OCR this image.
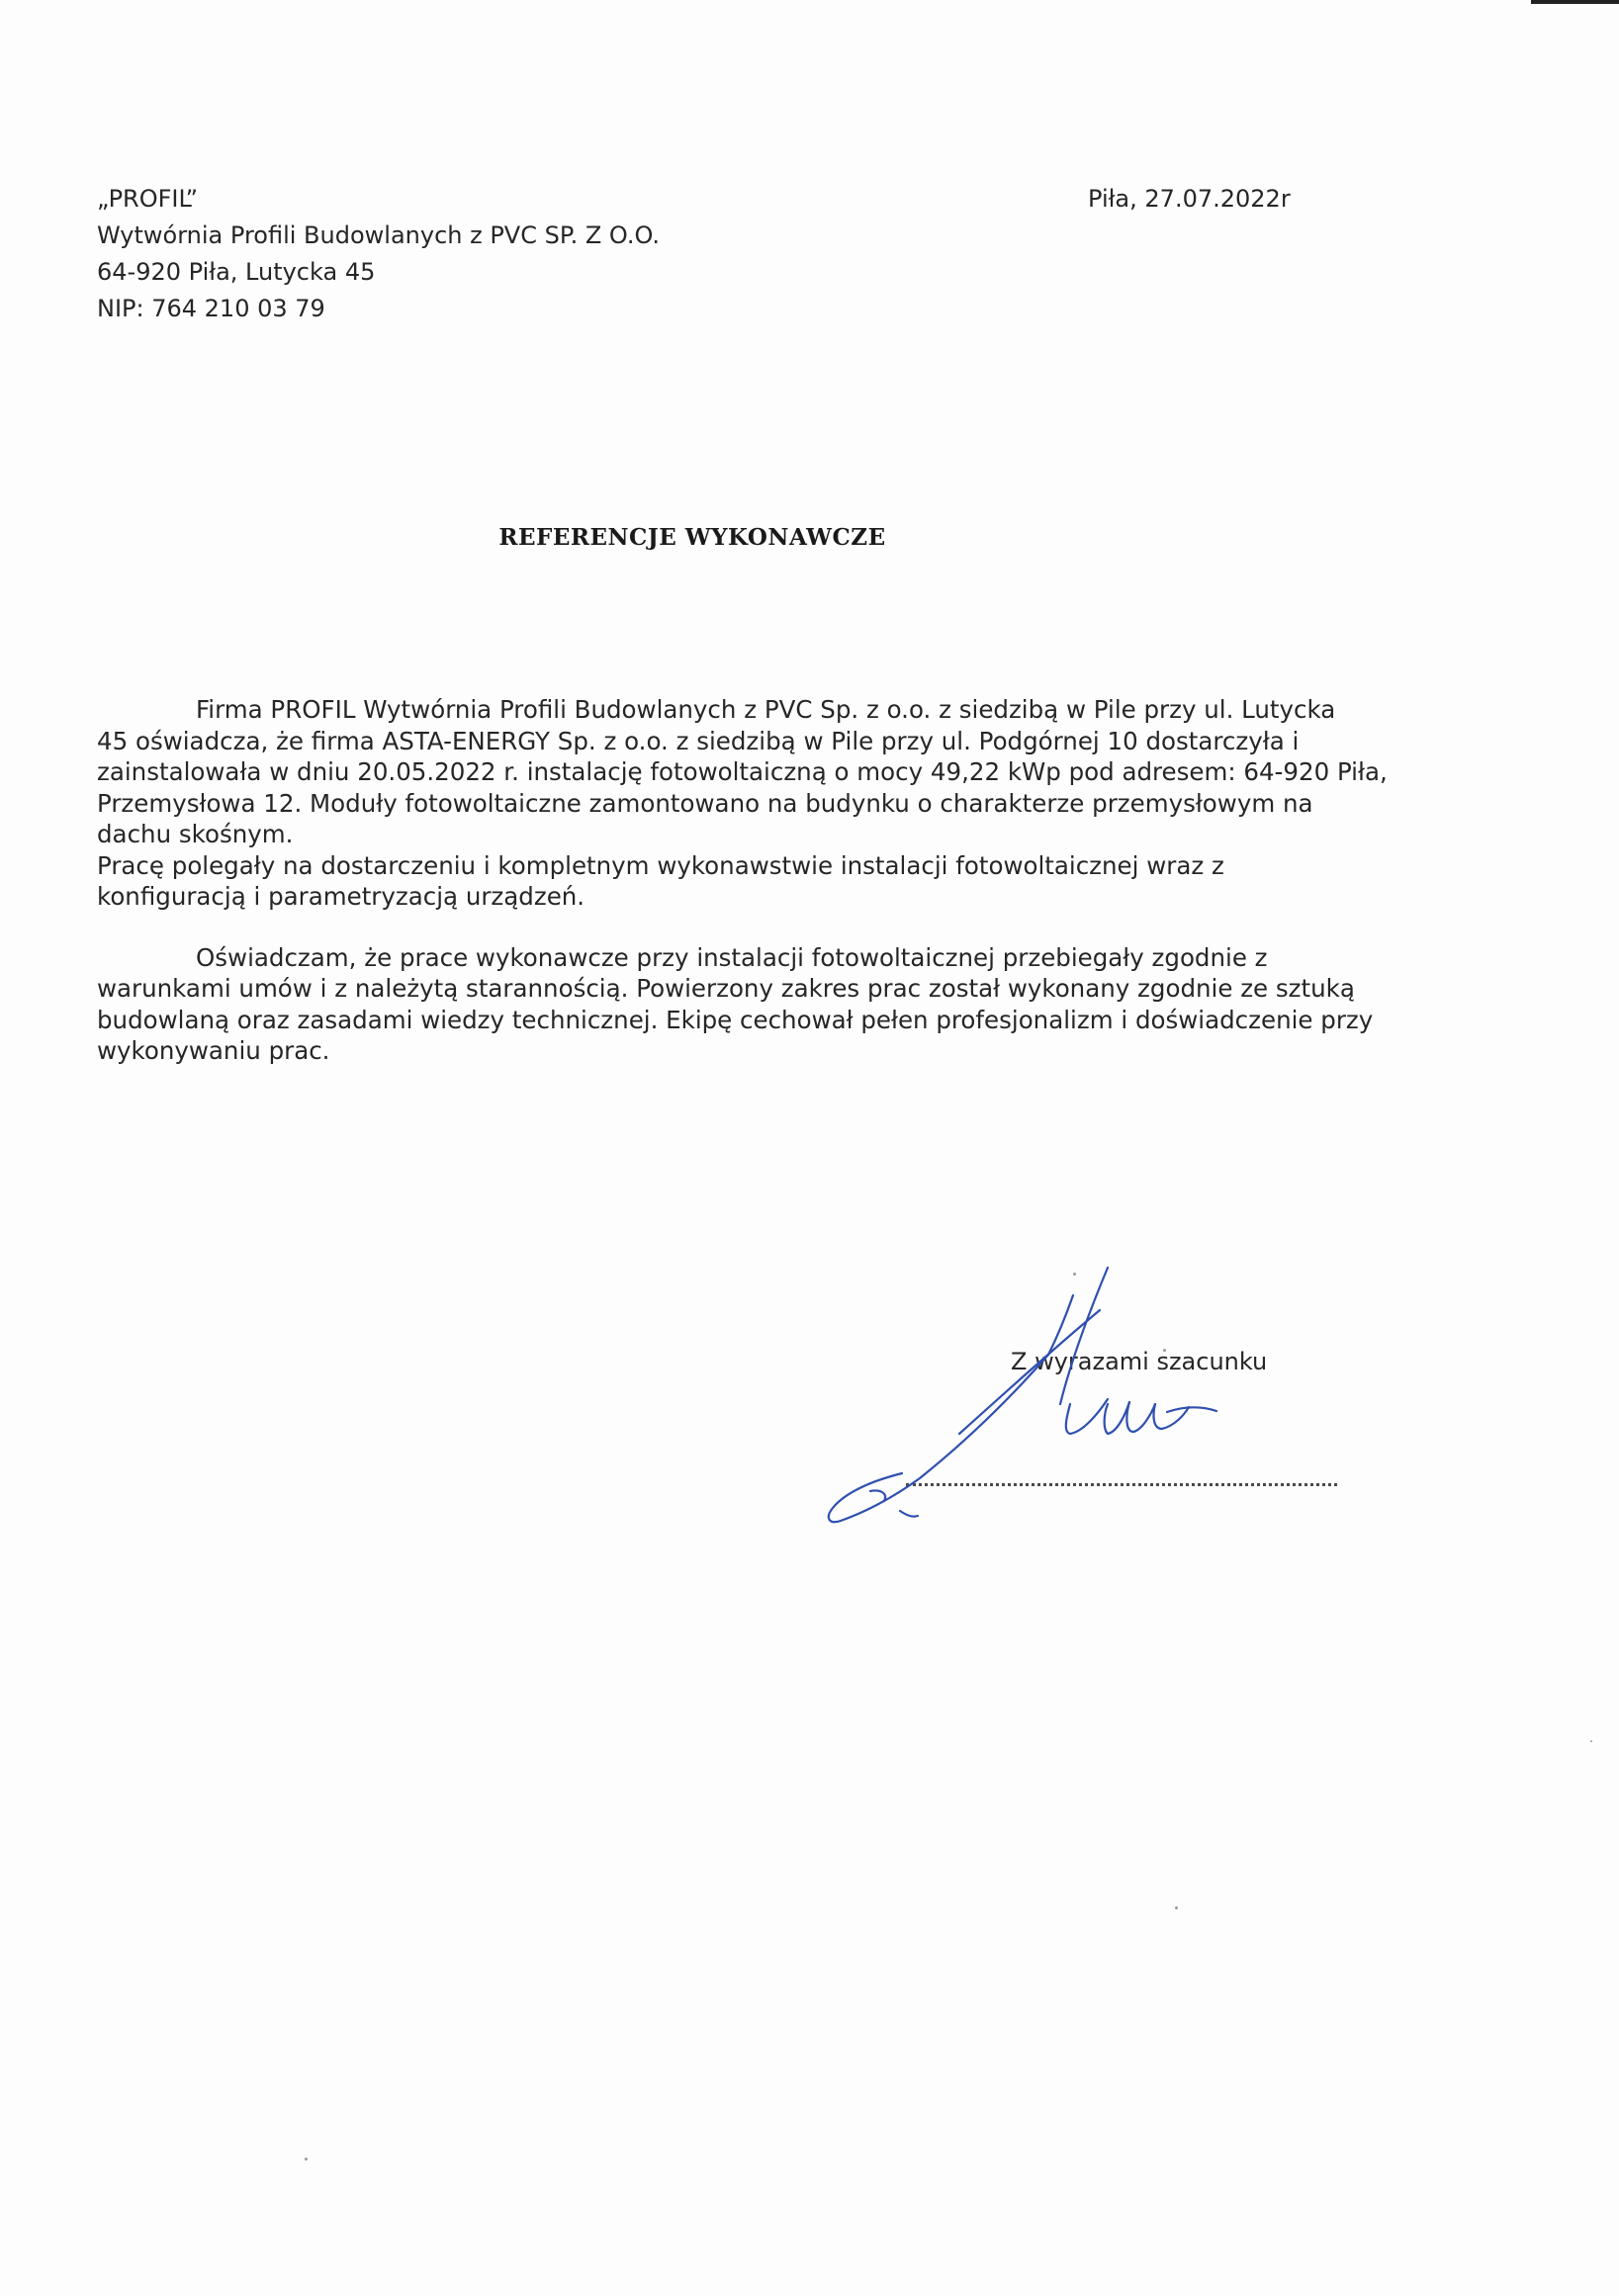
„PROFIL”
Wytwórnia Profili Budowlanych z PVC SP. Z O.O.
64-920 Piła, Lutycka 45
NIP: 764 210 03 79
Piła, 27.07.2022r
REFERENCJE WYKONAWCZE
Firma PROFIL Wytwórnia Profili Budowlanych z PVC Sp. z o.o. z siedzibą w Pile przy ul. Lutycka
45 oświadcza, że firma ASTA-ENERGY Sp. z o.o. z siedzibą w Pile przy ul. Podgórnej 10 dostarczyła i
zainstalowała w dniu 20.05.2022 r. instalację fotowoltaiczną o mocy 49,22 kWp pod adresem: 64-920 Piła,
Przemysłowa 12. Moduły fotowoltaiczne zamontowano na budynku o charakterze przemysłowym na
dachu skośnym.
Pracę polegały na dostarczeniu i kompletnym wykonawstwie instalacji fotowoltaicznej wraz z
konfiguracją i parametryzacją urządzeń.
Oświadczam, że prace wykonawcze przy instalacji fotowoltaicznej przebiegały zgodnie z
warunkami umów i z należytą starannością. Powierzony zakres prac został wykonany zgodnie ze sztuką
budowlaną oraz zasadami wiedzy technicznej. Ekipę cechował pełen profesjonalizm i doświadczenie przy
wykonywaniu prac.
Z wyrazami szacunku
